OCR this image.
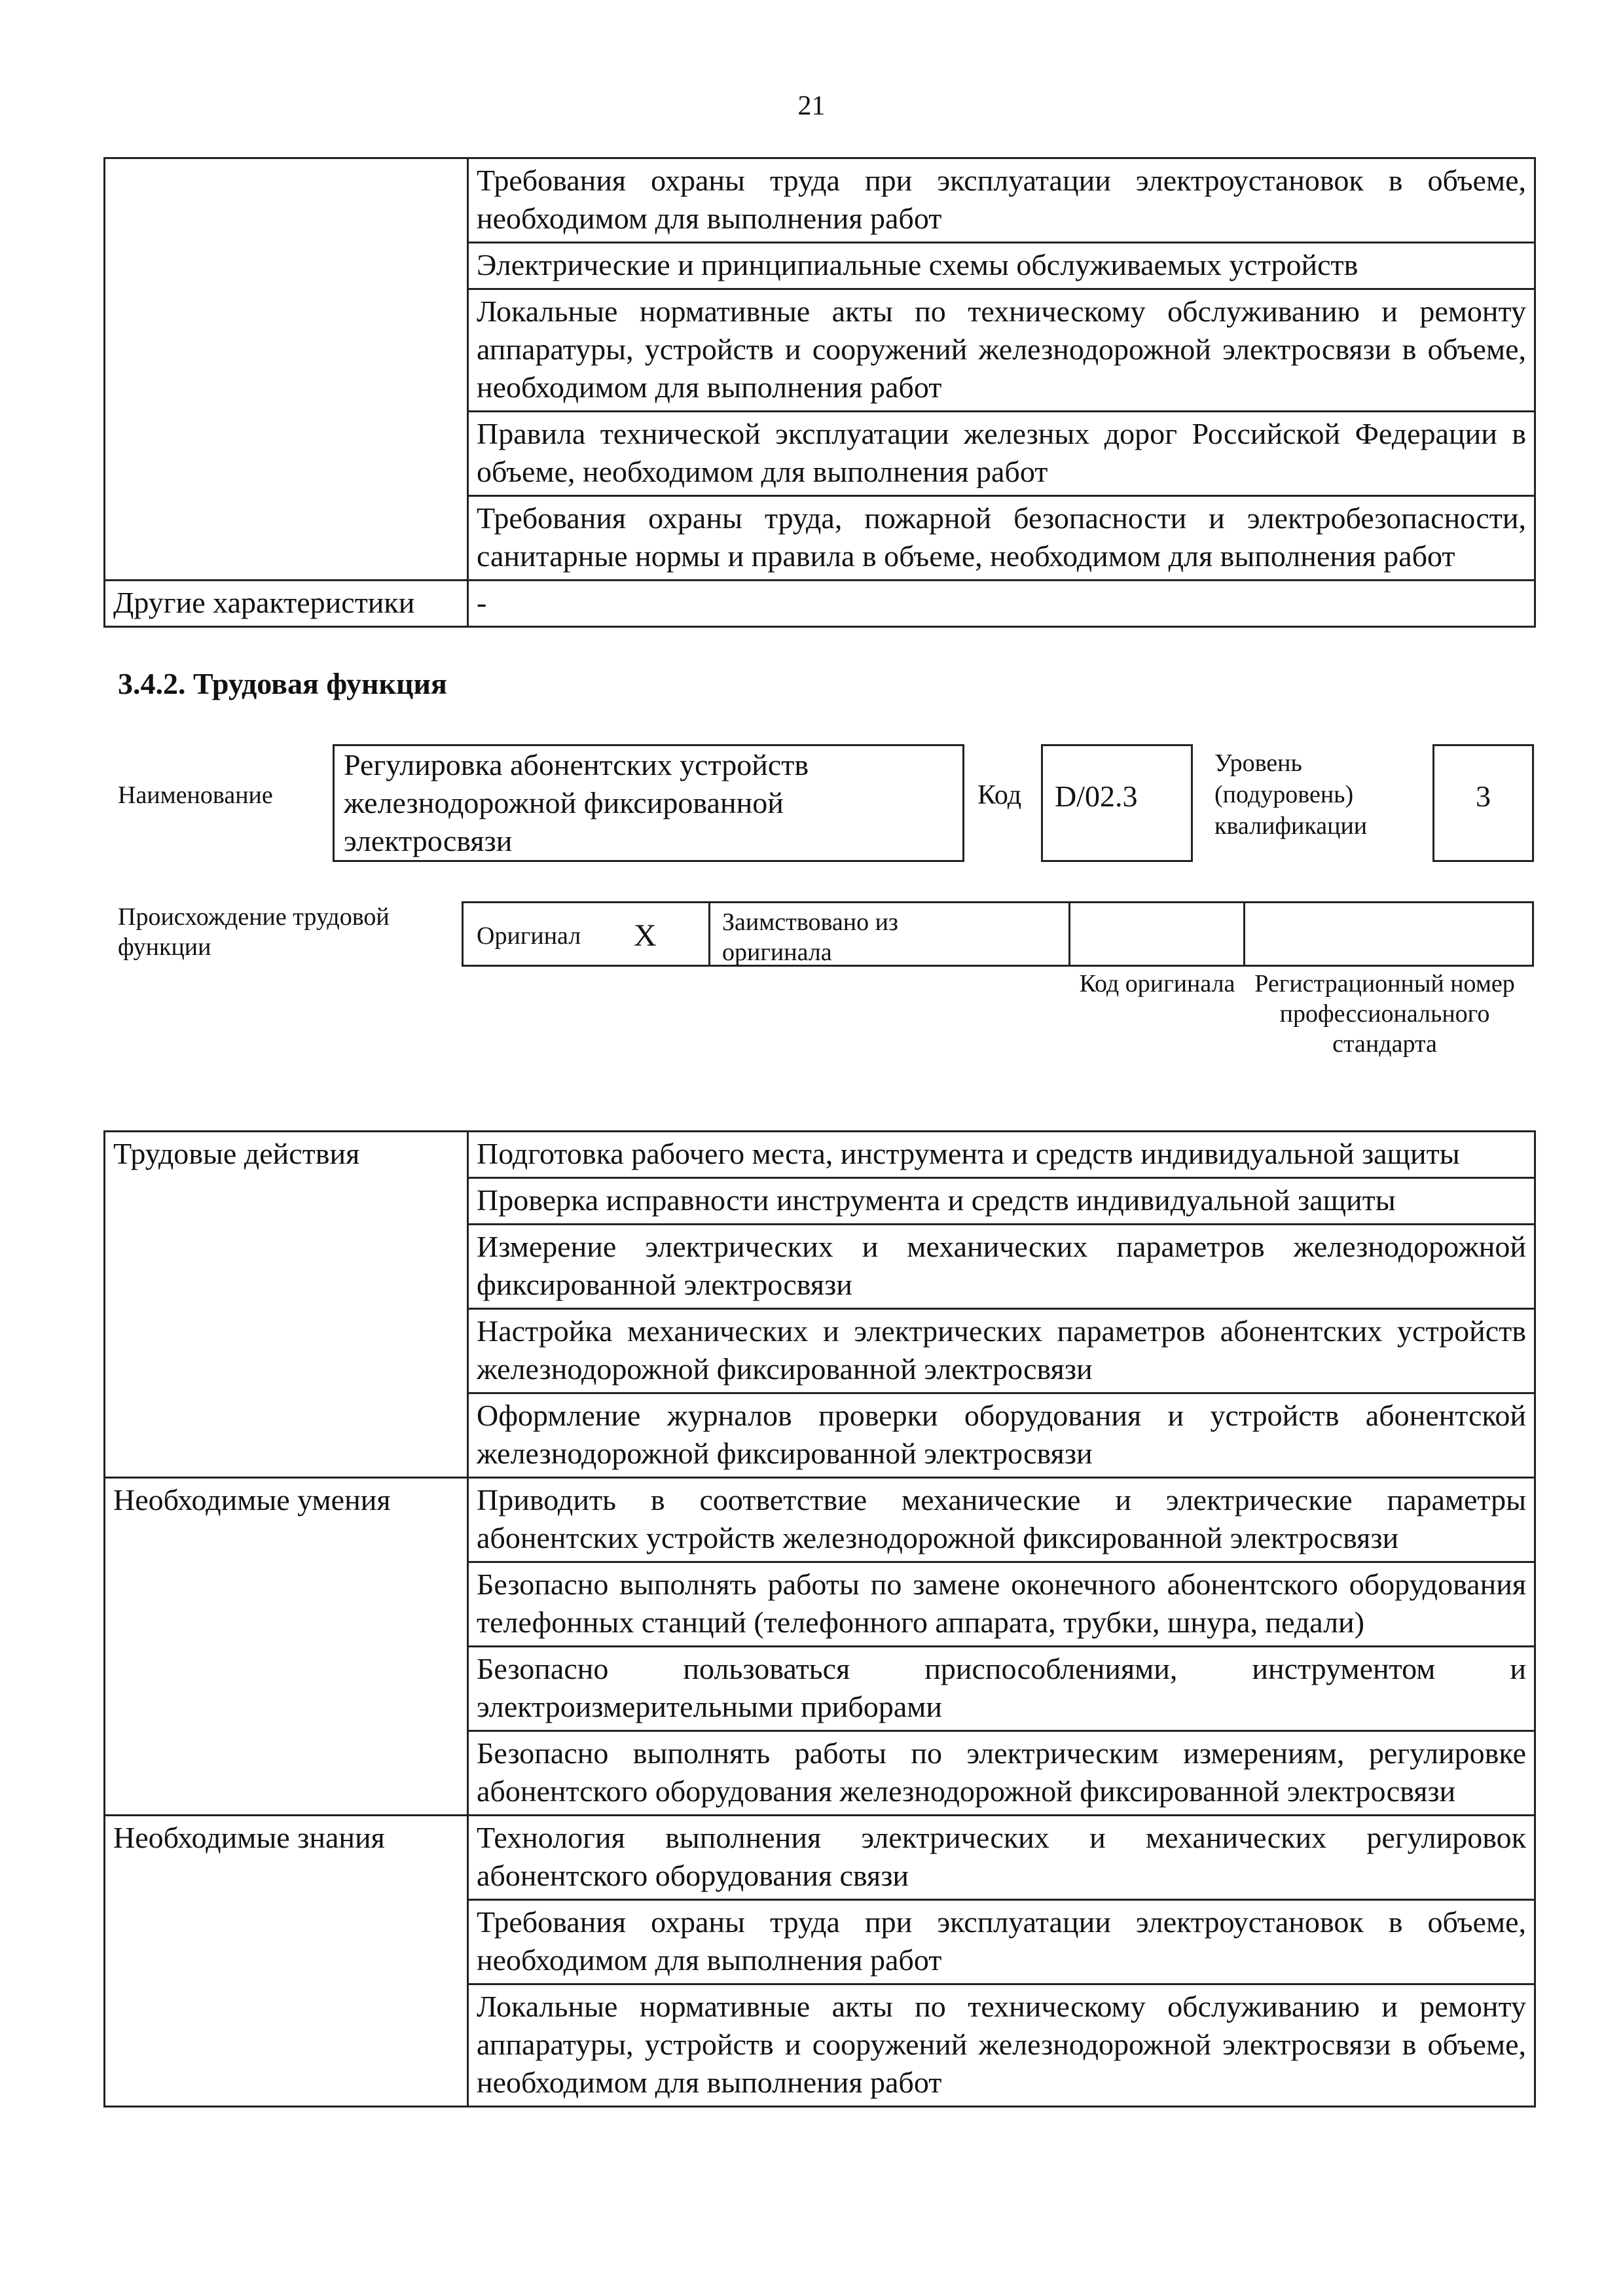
21
	Требования охраны труда при эксплуатации электроустановок в объеме, необходимом для выполнения работ
	Электрические и принципиальные схемы обслуживаемых устройств
	Локальные нормативные акты по техническому обслуживанию и ремонту аппаратуры, устройств и сооружений железнодорожной электросвязи в объеме, необходимом для выполнения работ
	Правила технической эксплуатации железных дорог Российской Федерации в объеме, необходимом для выполнения работ
	Требования охраны труда, пожарной безопасности и электробезопасности, санитарные нормы и правила в объеме, необходимом для выполнения работ
Другие характеристики	-
3.4.2. Трудовая функция
Наименование
Регулировка абонентских устройств железнодорожной фиксированной электросвязи
Код	D/02.3
Уровень (подуровень) квалификации
3
Происхождение трудовой функции	Оригинал X	Заимствовано из оригинала
Код оригинала Регистрационный номер профессионального стандарта
Трудовые действия	Подготовка рабочего места, инструмента и средств индивидуальной защиты
	Проверка исправности инструмента и средств индивидуальной защиты
	Измерение электрических и механических параметров железнодорожной фиксированной электросвязи
	Настройка механических и электрических параметров абонентских устройств железнодорожной фиксированной электросвязи
	Оформление журналов проверки оборудования и устройств абонентской железнодорожной фиксированной электросвязи
Необходимые умения	Приводить в соответствие механические и электрические параметры абонентских устройств железнодорожной фиксированной электросвязи
	Безопасно выполнять работы по замене оконечного абонентского оборудования телефонных станций (телефонного аппарата, трубки, шнура, педали)
	Безопасно пользоваться приспособлениями, инструментом и электроизмерительными приборами
	Безопасно выполнять работы по электрическим измерениям, регулировке абонентского оборудования железнодорожной фиксированной электросвязи
Необходимые знания	Технология выполнения электрических и механических регулировок абонентского оборудования связи
	Требования охраны труда при эксплуатации электроустановок в объеме, необходимом для выполнения работ
	Локальные нормативные акты по техническому обслуживанию и ремонту аппаратуры, устройств и сооружений железнодорожной электросвязи в объеме, необходимом для выполнения работ
